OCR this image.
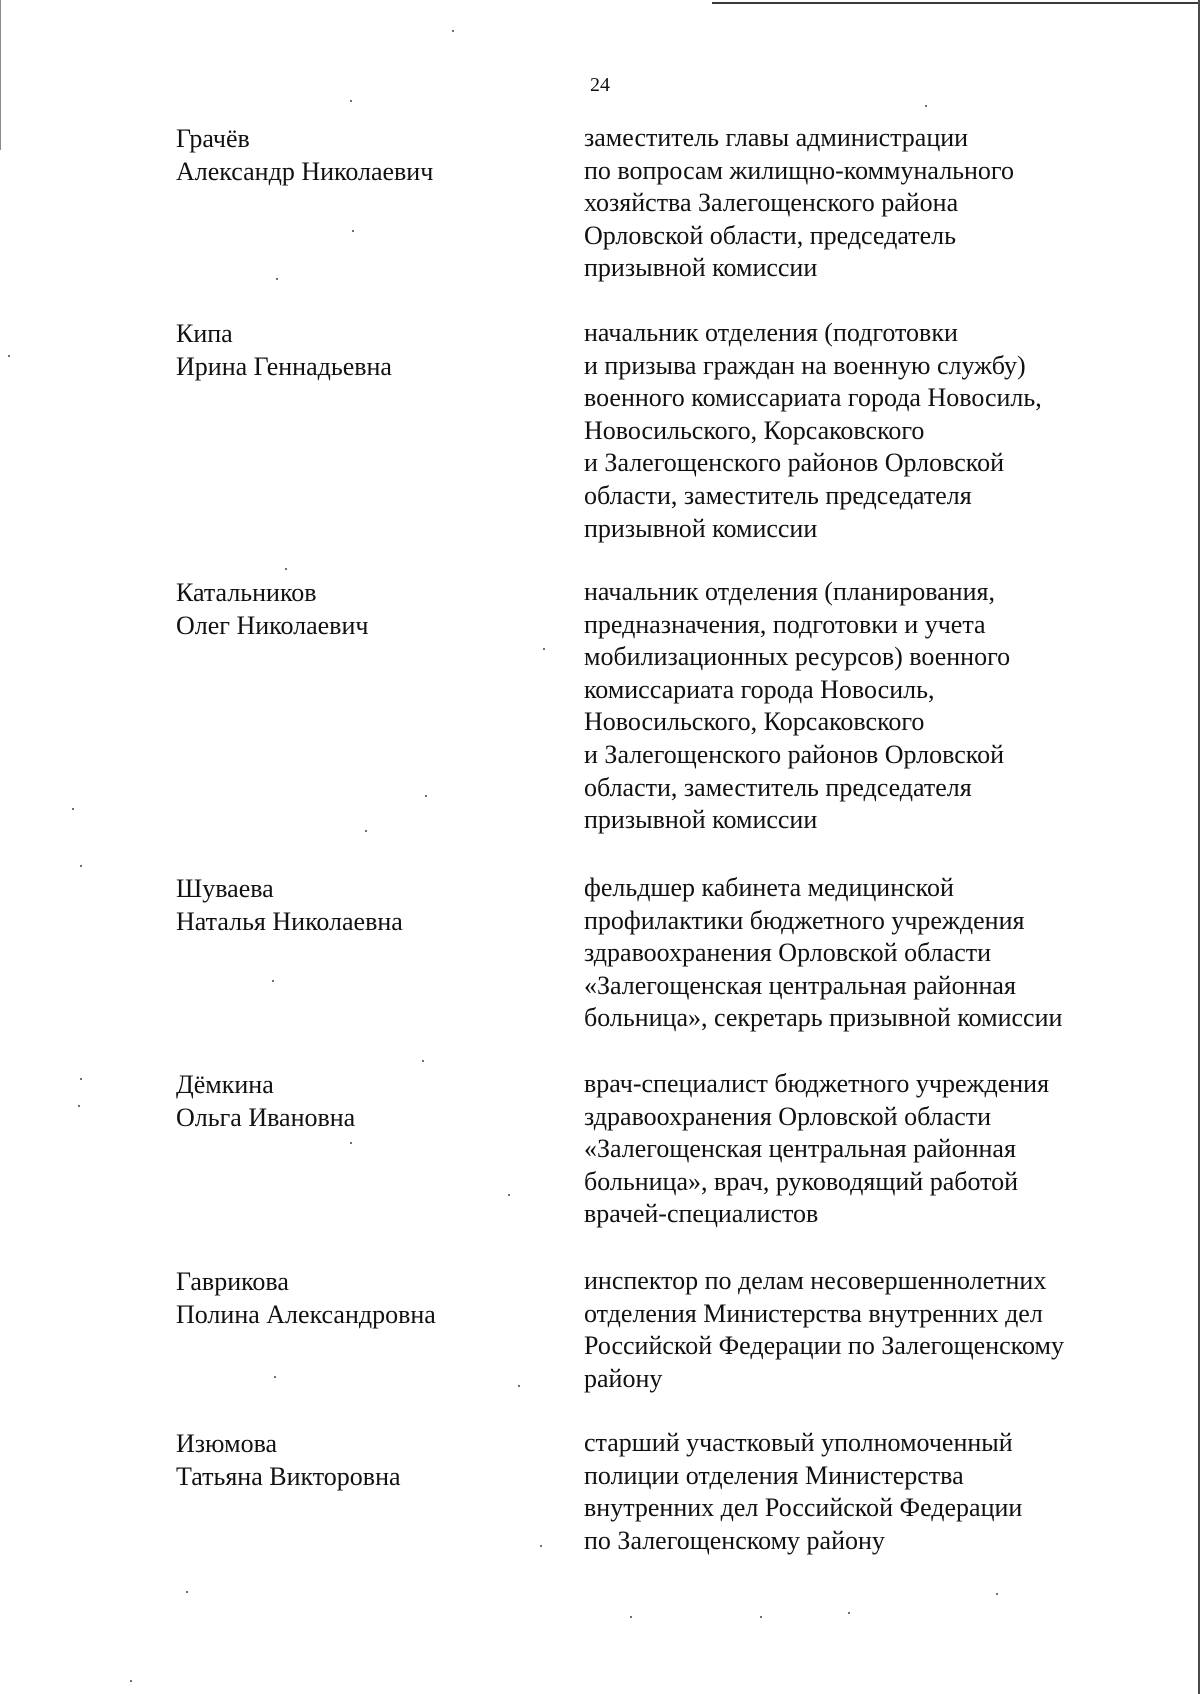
24
Грачёв
Александр Николаевич
заместитель главы администрации
по вопросам жилищно-коммунального
хозяйства Залегощенского района
Орловской области, председатель
призывной комиссии
Кипа
Ирина Геннадьевна
начальник отделения (подготовки
и призыва граждан на военную службу)
военного комиссариата города Новосиль,
Новосильского, Корсаковского
и Залегощенского районов Орловской
области, заместитель председателя
призывной комиссии
Катальников
Олег Николаевич
начальник отделения (планирования,
предназначения, подготовки и учета
мобилизационных ресурсов) военного
комиссариата города Новосиль,
Новосильского, Корсаковского
и Залегощенского районов Орловской
области, заместитель председателя
призывной комиссии
Шуваева
Наталья Николаевна
фельдшер кабинета медицинской
профилактики бюджетного учреждения
здравоохранения Орловской области
«Залегощенская центральная районная
больница», секретарь призывной комиссии
Дёмкина
Ольга Ивановна
врач-специалист бюджетного учреждения
здравоохранения Орловской области
«Залегощенская центральная районная
больница», врач, руководящий работой
врачей-специалистов
Гаврикова
Полина Александровна
инспектор по делам несовершеннолетних
отделения Министерства внутренних дел
Российской Федерации по Залегощенскому
району
Изюмова
Татьяна Викторовна
старший участковый уполномоченный
полиции отделения Министерства
внутренних дел Российской Федерации
по Залегощенскому району
